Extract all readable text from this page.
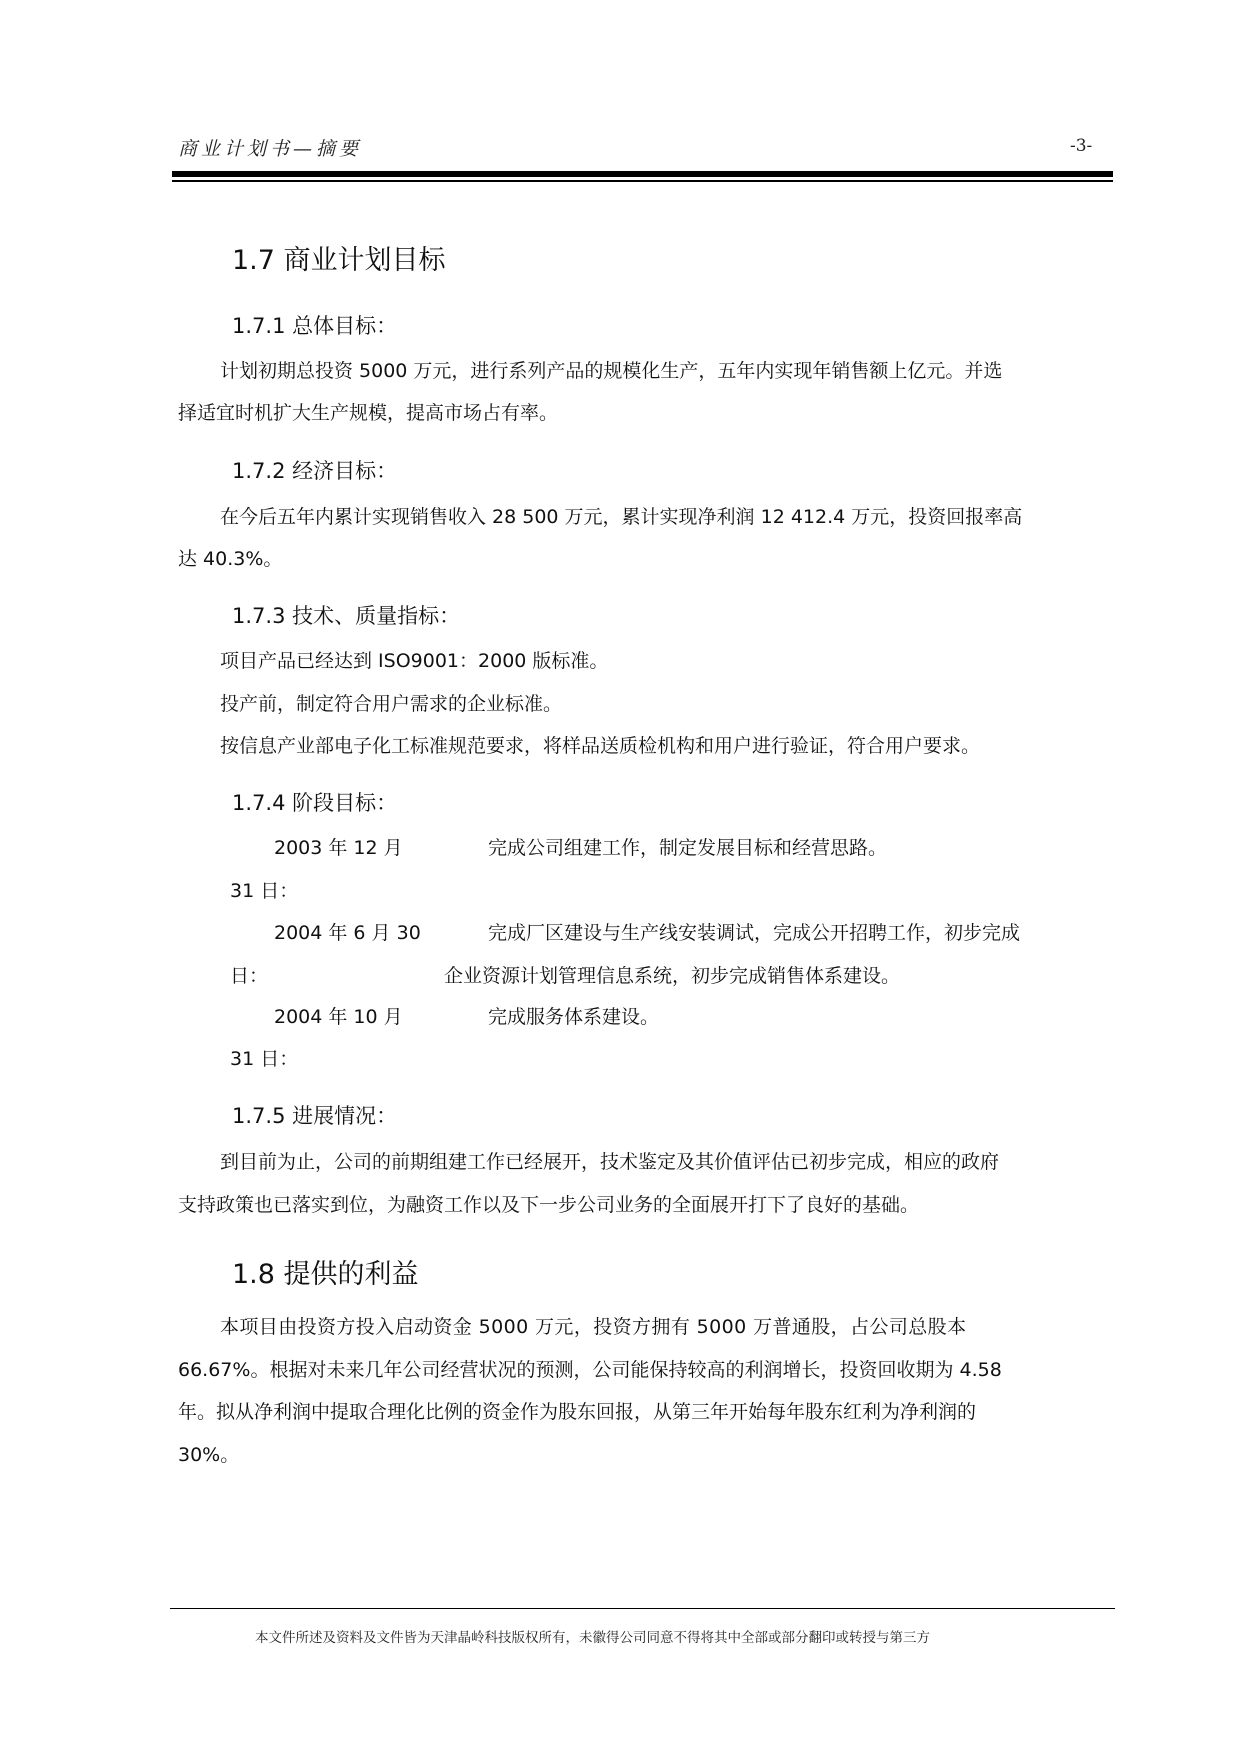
商业计划书—摘要	-3-
1.7 商业计划目标
1.7.1 总体目标：
计划初期总投资 5000 万元，进行系列产品的规模化生产，五年内实现年销售额上亿元。并选
择适宜时机扩大生产规模，提高市场占有率。
1.7.2 经济目标：
在今后五年内累计实现销售收入 28 500 万元，累计实现净利润 12 412.4 万元，投资回报率高
达 40.3%。
1.7.3 技术、质量指标：
项目产品已经达到 ISO9001：2000 版标准。
投产前，制定符合用户需求的企业标准。
按信息产业部电子化工标准规范要求，将样品送质检机构和用户进行验证，符合用户要求。
1.7.4 阶段目标：
2003 年 12 月	完成公司组建工作，制定发展目标和经营思路。
31 日：
2004 年 6 月 30	完成厂区建设与生产线安装调试，完成公开招聘工作，初步完成
日：	企业资源计划管理信息系统，初步完成销售体系建设。
2004 年 10 月	完成服务体系建设。
31 日：
1.7.5 进展情况：
到目前为止，公司的前期组建工作已经展开，技术鉴定及其价值评估已初步完成，相应的政府
支持政策也已落实到位，为融资工作以及下一步公司业务的全面展开打下了良好的基础。
1.8 提供的利益
本项目由投资方投入启动资金 5000 万元，投资方拥有 5000 万普通股，占公司总股本
66.67%。根据对未来几年公司经营状况的预测，公司能保持较高的利润增长，投资回收期为 4.58
年。拟从净利润中提取合理化比例的资金作为股东回报，从第三年开始每年股东红利为净利润的
30%。
本文件所述及资料及文件皆为天津晶岭科技版权所有，未徽得公司同意不得将其中全部或部分翻印或转授与第三方
